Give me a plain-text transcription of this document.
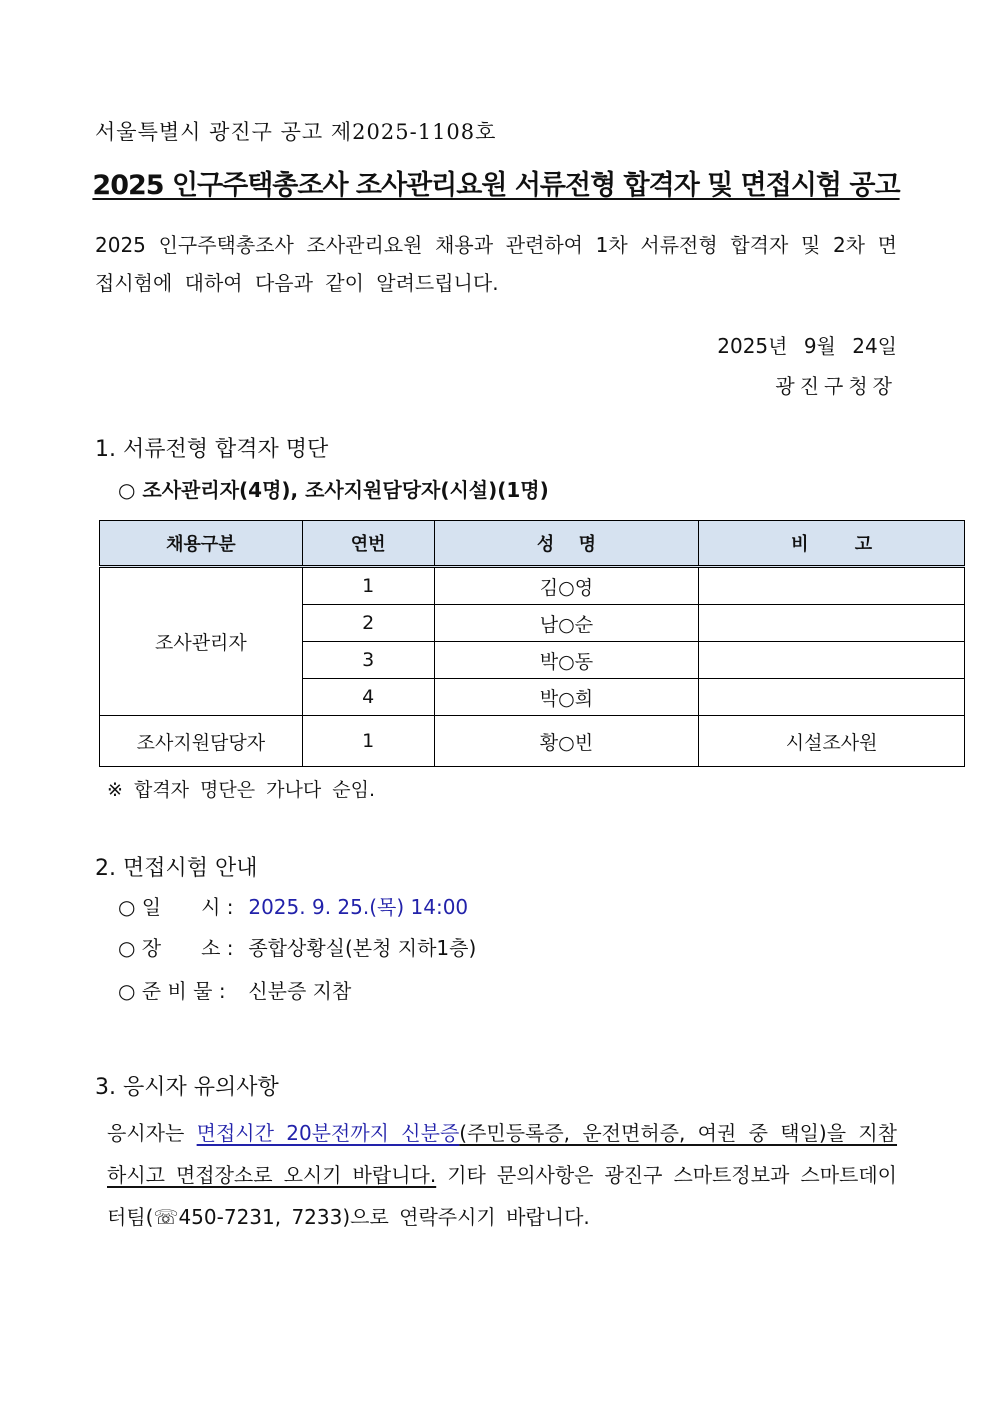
서울특별시 광진구 공고 제2025-1108호
2025 인구주택총조사 조사관리요원 서류전형 합격자 및 면접시험 공고
2025 인구주택총조사 조사관리요원 채용과 관련하여 1차 서류전형 합격자 및 2차 면접시험에 대하여 다음과 같이 알려드립니다.
2025년 9월 24일
광진구청장
1. 서류전형 합격자 명단
○ 조사관리자(4명), 조사지원담당자(시설)(1명)
채용구분	연번	성 명	비 고
조사관리자	1	김○영	
	2	남○순	
	3	박○동	
	4	박○희	
조사지원담당자	1	황○빈	시설조사원
※ 합격자 명단은 가나다 순임.
2. 면접시험 안내
○ 일　　시 : 2025. 9. 25.(목) 14:00
○ 장　　소 : 종합상황실(본청 지하1층)
○ 준 비 물 : 신분증 지참
3. 응시자 유의사항
응시자는 면접시간 20분전까지 신분증(주민등록증, 운전면허증, 여권 중 택일)을 지참하시고 면접장소로 오시기 바랍니다. 기타 문의사항은 광진구 스마트정보과 스마트데이터팀(☏450-7231, 7233)으로 연락주시기 바랍니다.
